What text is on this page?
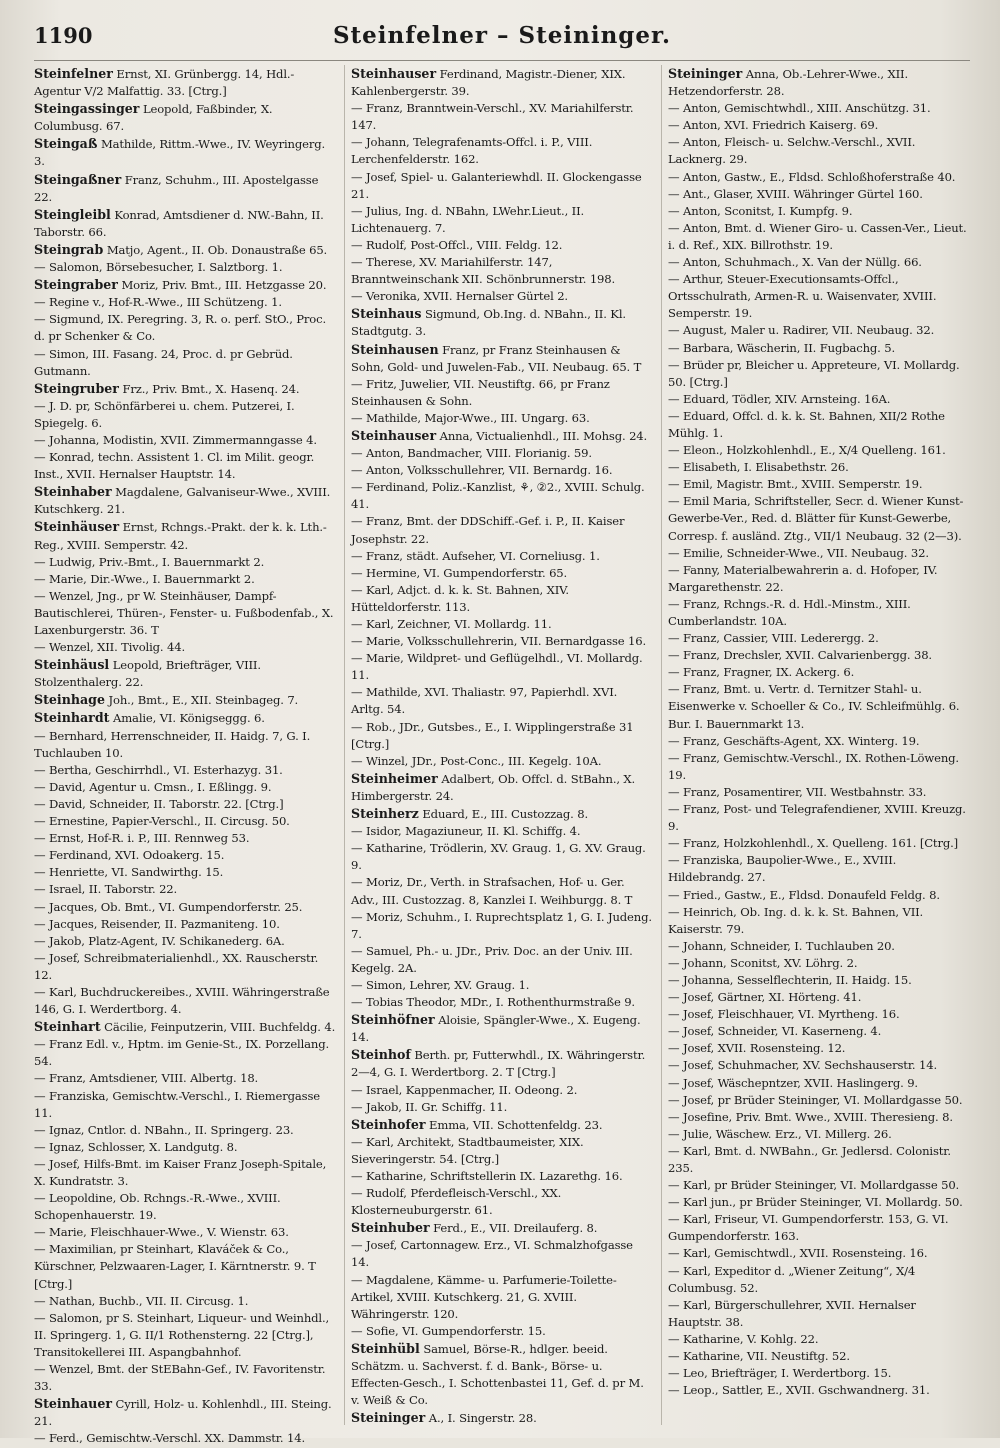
1190	Steinfelner – Steininger.
Steinfelner Ernst, XI. Grünbergg. 14, Hdl.-Agentur V/2 Malfattig. 33. [Ctrg.]
Steingassinger Leopold, Faßbinder, X. Columbusg. 67.
Steingaß Mathilde, Rittm.-Wwe., IV. Weyringerg. 3.
Steingaßner Franz, Schuhm., III. Apostelgasse 22.
Steingleibl Konrad, Amtsdiener d. NW.-Bahn, II. Taborstr. 66.
Steingrab Matjo, Agent., II. Ob. Donaustraße 65.
— Salomon, Börsebesucher, I. Salztborg. 1.
Steingraber Moriz, Priv. Bmt., III. Hetzgasse 20.
— Regine v., Hof-R.-Wwe., III Schützeng. 1.
— Sigmund, IX. Peregring. 3, R. o. perf. StO., Proc. d. pr Schenker & Co.
— Simon, III. Fasang. 24, Proc. d. pr Gebrüd. Gutmann.
Steingruber Frz., Priv. Bmt., X. Hasenq. 24.
— J. D. pr, Schönfärberei u. chem. Putzerei, I. Spiegelg. 6.
— Johanna, Modistin, XVII. Zimmermanngasse 4.
— Konrad, techn. Assistent 1. Cl. im Milit. geogr. Inst., XVII. Hernalser Hauptstr. 14.
Steinhaber Magdalene, Galvaniseur-Wwe., XVIII. Kutschkerg. 21.
Steinhäuser Ernst, Rchngs.-Prakt. der k. k. Lth.-Reg., XVIII. Semperstr. 42.
— Ludwig, Priv.-Bmt., I. Bauernmarkt 2.
— Marie, Dir.-Wwe., I. Bauernmarkt 2.
— Wenzel, Jng., pr W. Steinhäuser, Dampf-Bautischlerei, Thüren-, Fenster- u. Fußbodenfab., X. Laxenburgerstr. 36. T
— Wenzel, XII. Tivolig. 44.
Steinhäusl Leopold, Briefträger, VIII. Stolzenthalerg. 22.
Steinhage Joh., Bmt., E., XII. Steinbageg. 7.
Steinhardt Amalie, VI. Königseggg. 6.
— Bernhard, Herrenschneider, II. Haidg. 7, G. I. Tuchlauben 10.
— Bertha, Geschirrhdl., VI. Esterhazyg. 31.
— David, Agentur u. Cmsn., I. Eßlingg. 9.
— David, Schneider, II. Taborstr. 22. [Ctrg.]
— Ernestine, Papier-Verschl., II. Circusg. 50.
— Ernst, Hof-R. i. P., III. Rennweg 53.
— Ferdinand, XVI. Odoakerg. 15.
— Henriette, VI. Sandwirthg. 15.
— Israel, II. Taborstr. 22.
— Jacques, Ob. Bmt., VI. Gumpendorferstr. 25.
— Jacques, Reisender, II. Pazmaniteng. 10.
— Jakob, Platz-Agent, IV. Schikanederg. 6A.
— Josef, Schreibmaterialienhdl., XX. Rauscherstr. 12.
— Karl, Buchdruckereibes., XVIII. Währingerstraße 146, G. I. Werdertborg. 4.
Steinhart Cäcilie, Feinputzerin, VIII. Buchfeldg. 4.
— Franz Edl. v., Hptm. im Genie-St., IX. Porzellang. 54.
— Franz, Amtsdiener, VIII. Albertg. 18.
— Franziska, Gemischtw.-Verschl., I. Riemergasse 11.
— Ignaz, Cntlor. d. NBahn., II. Springerg. 23.
— Ignaz, Schlosser, X. Landgutg. 8.
— Josef, Hilfs-Bmt. im Kaiser Franz Joseph-Spitale, X. Kundratstr. 3.
— Leopoldine, Ob. Rchngs.-R.-Wwe., XVIII. Schopenhauerstr. 19.
— Marie, Fleischhauer-Wwe., V. Wienstr. 63.
— Maximilian, pr Steinhart, Klaváček & Co., Kürschner, Pelzwaaren-Lager, I. Kärntnerstr. 9. T [Ctrg.]
— Nathan, Buchb., VII. II. Circusg. 1.
— Salomon, pr S. Steinhart, Liqueur- und Weinhdl., II. Springerg. 1, G. II/1 Rothensterng. 22 [Ctrg.], Transitokellerei III. Aspangbahnhof.
— Wenzel, Bmt. der StEBahn-Gef., IV. Favoritenstr. 33.
Steinhauer Cyrill, Holz- u. Kohlenhdl., III. Steing. 21.
— Ferd., Gemischtw.-Verschl. XX. Dammstr. 14.
Steinhauser Ferdinand, Magistr.-Diener, XIX. Kahlenbergerstr. 39.
— Franz, Branntwein-Verschl., XV. Mariahilferstr. 147.
— Johann, Telegrafenamts-Offcl. i. P., VIII. Lerchenfelderstr. 162.
— Josef, Spiel- u. Galanteriewhdl. II. Glockengasse 21.
— Julius, Ing. d. NBahn, LWehr.Lieut., II. Lichtenauerg. 7.
— Rudolf, Post-Offcl., VIII. Feldg. 12.
— Therese, XV. Mariahilferstr. 147, Branntweinschank XII. Schönbrunnerstr. 198.
— Veronika, XVII. Hernalser Gürtel 2.
Steinhaus Sigmund, Ob.Ing. d. NBahn., II. Kl. Stadtgutg. 3.
Steinhausen Franz, pr Franz Steinhausen & Sohn, Gold- und Juwelen-Fab., VII. Neubaug. 65. T
— Fritz, Juwelier, VII. Neustiftg. 66, pr Franz Steinhausen & Sohn.
— Mathilde, Major-Wwe., III. Ungarg. 63.
Steinhauser Anna, Victualienhdl., III. Mohsg. 24.
— Anton, Bandmacher, VIII. Florianig. 59.
— Anton, Volksschullehrer, VII. Bernardg. 16.
— Ferdinand, Poliz.-Kanzlist, ⚘, ②2., XVIII. Schulg. 41.
— Franz, Bmt. der DDSchiff.-Gef. i. P., II. Kaiser Josephstr. 22.
— Franz, städt. Aufseher, VI. Corneliusg. 1.
— Hermine, VI. Gumpendorferstr. 65.
— Karl, Adjct. d. k. k. St. Bahnen, XIV. Hütteldorferstr. 113.
— Karl, Zeichner, VI. Mollardg. 11.
— Marie, Volksschullehrerin, VII. Bernardgasse 16.
— Marie, Wildpret- und Geflügelhdl., VI. Mollardg. 11.
— Mathilde, XVI. Thaliastr. 97, Papierhdl. XVI. Arltg. 54.
— Rob., JDr., Gutsbes., E., I. Wipplingerstraße 31 [Ctrg.]
— Winzel, JDr., Post-Conc., III. Kegelg. 10A.
Steinheimer Adalbert, Ob. Offcl. d. StBahn., X. Himbergerstr. 24.
Steinherz Eduard, E., III. Custozzag. 8.
— Isidor, Magaziuneur, II. Kl. Schiffg. 4.
— Katharine, Trödlerin, XV. Graug. 1, G. XV. Graug. 9.
— Moriz, Dr., Verth. in Strafsachen, Hof- u. Ger. Adv., III. Custozzag. 8, Kanzlei I. Weihburgg. 8. T
— Moriz, Schuhm., I. Ruprechtsplatz 1, G. I. Judeng. 7.
— Samuel, Ph.- u. JDr., Priv. Doc. an der Univ. III. Kegelg. 2A.
— Simon, Lehrer, XV. Graug. 1.
— Tobias Theodor, MDr., I. Rothenthurmstraße 9.
Steinhöfner Aloisie, Spängler-Wwe., X. Eugeng. 14.
Steinhof Berth. pr, Futterwhdl., IX. Währingerstr. 2—4, G. I. Werdertborg. 2. T [Ctrg.]
— Israel, Kappenmacher, II. Odeong. 2.
— Jakob, II. Gr. Schiffg. 11.
Steinhofer Emma, VII. Schottenfeldg. 23.
— Karl, Architekt, Stadtbaumeister, XIX. Sieveringerstr. 54. [Ctrg.]
— Katharine, Schriftstellerin IX. Lazarethg. 16.
— Rudolf, Pferdefleisch-Verschl., XX. Klosterneuburgerstr. 61.
Steinhuber Ferd., E., VII. Dreilauferg. 8.
— Josef, Cartonnagew. Erz., VI. Schmalzhofgasse 14.
— Magdalene, Kämme- u. Parfumerie-Toilette-Artikel, XVIII. Kutschkerg. 21, G. XVIII. Währingerstr. 120.
— Sofie, VI. Gumpendorferstr. 15.
Steinhübl Samuel, Börse-R., hdlger. beeid. Schätzm. u. Sachverst. f. d. Bank-, Börse- u. Effecten-Gesch., I. Schottenbastei 11, Gef. d. pr M. v. Weiß & Co.
Steininger A., I. Singerstr. 28.
Steininger Anna, Ob.-Lehrer-Wwe., XII. Hetzendorferstr. 28.
— Anton, Gemischtwhdl., XIII. Anschützg. 31.
— Anton, XVI. Friedrich Kaiserg. 69.
— Anton, Fleisch- u. Selchw.-Verschl., XVII. Lacknerg. 29.
— Anton, Gastw., E., Fldsd. Schloßhoferstraße 40.
— Ant., Glaser, XVIII. Währinger Gürtel 160.
— Anton, Sconitst, I. Kumpfg. 9.
— Anton, Bmt. d. Wiener Giro- u. Cassen-Ver., Lieut. i. d. Ref., XIX. Billrothstr. 19.
— Anton, Schuhmach., X. Van der Nüllg. 66.
— Arthur, Steuer-Executionsamts-Offcl., Ortsschulrath, Armen-R. u. Waisenvater, XVIII. Semperstr. 19.
— August, Maler u. Radirer, VII. Neubaug. 32.
— Barbara, Wäscherin, II. Fugbachg. 5.
— Brüder pr, Bleicher u. Appreteure, VI. Mollardg. 50. [Ctrg.]
— Eduard, Tödler, XIV. Arnsteing. 16A.
— Eduard, Offcl. d. k. k. St. Bahnen, XII/2 Rothe Mühlg. 1.
— Eleon., Holzkohlenhdl., E., X/4 Quelleng. 161.
— Elisabeth, I. Elisabethstr. 26.
— Emil, Magistr. Bmt., XVIII. Semperstr. 19.
— Emil Maria, Schriftsteller, Secr. d. Wiener Kunst-Gewerbe-Ver., Red. d. Blätter für Kunst-Gewerbe, Corresp. f. ausländ. Ztg., VII/1 Neubaug. 32 (2—3).
— Emilie, Schneider-Wwe., VII. Neubaug. 32.
— Fanny, Materialbewahrerin a. d. Hofoper, IV. Margarethenstr. 22.
— Franz, Rchngs.-R. d. Hdl.-Minstm., XIII. Cumberlandstr. 10A.
— Franz, Cassier, VIII. Lederergg. 2.
— Franz, Drechsler, XVII. Calvarienbergg. 38.
— Franz, Fragner, IX. Ackerg. 6.
— Franz, Bmt. u. Vertr. d. Ternitzer Stahl- u. Eisenwerke v. Schoeller & Co., IV. Schleifmühlg. 6. Bur. I. Bauernmarkt 13.
— Franz, Geschäfts-Agent, XX. Winterg. 19.
— Franz, Gemischtw.-Verschl., IX. Rothen-Löweng. 19.
— Franz, Posamentirer, VII. Westbahnstr. 33.
— Franz, Post- und Telegrafendiener, XVIII. Kreuzg. 9.
— Franz, Holzkohlenhdl., X. Quelleng. 161. [Ctrg.]
— Franziska, Baupolier-Wwe., E., XVIII. Hildebrandg. 27.
— Fried., Gastw., E., Fldsd. Donaufeld Feldg. 8.
— Heinrich, Ob. Ing. d. k. k. St. Bahnen, VII. Kaiserstr. 79.
— Johann, Schneider, I. Tuchlauben 20.
— Johann, Sconitst, XV. Löhrg. 2.
— Johanna, Sesselflechterin, II. Haidg. 15.
— Josef, Gärtner, XI. Hörteng. 41.
— Josef, Fleischhauer, VI. Myrtheng. 16.
— Josef, Schneider, VI. Kaserneng. 4.
— Josef, XVII. Rosensteing. 12.
— Josef, Schuhmacher, XV. Sechshauserstr. 14.
— Josef, Wäschepntzer, XVII. Haslingerg. 9.
— Josef, pr Brüder Steininger, VI. Mollardgasse 50.
— Josefine, Priv. Bmt. Wwe., XVIII. Theresieng. 8.
— Julie, Wäschew. Erz., VI. Millerg. 26.
— Karl, Bmt. d. NWBahn., Gr. Jedlersd. Colonistr. 235.
— Karl, pr Brüder Steininger, VI. Mollardgasse 50.
— Karl jun., pr Brüder Steininger, VI. Mollardg. 50.
— Karl, Friseur, VI. Gumpendorferstr. 153, G. VI. Gumpendorferstr. 163.
— Karl, Gemischtwdl., XVII. Rosensteing. 16.
— Karl, Expeditor d. „Wiener Zeitung“, X/4 Columbusg. 52.
— Karl, Bürgerschullehrer, XVII. Hernalser Hauptstr. 38.
— Katharine, V. Kohlg. 22.
— Katharine, VII. Neustiftg. 52.
— Leo, Briefträger, I. Werdertborg. 15.
— Leop., Sattler, E., XVII. Gschwandnerg. 31.
